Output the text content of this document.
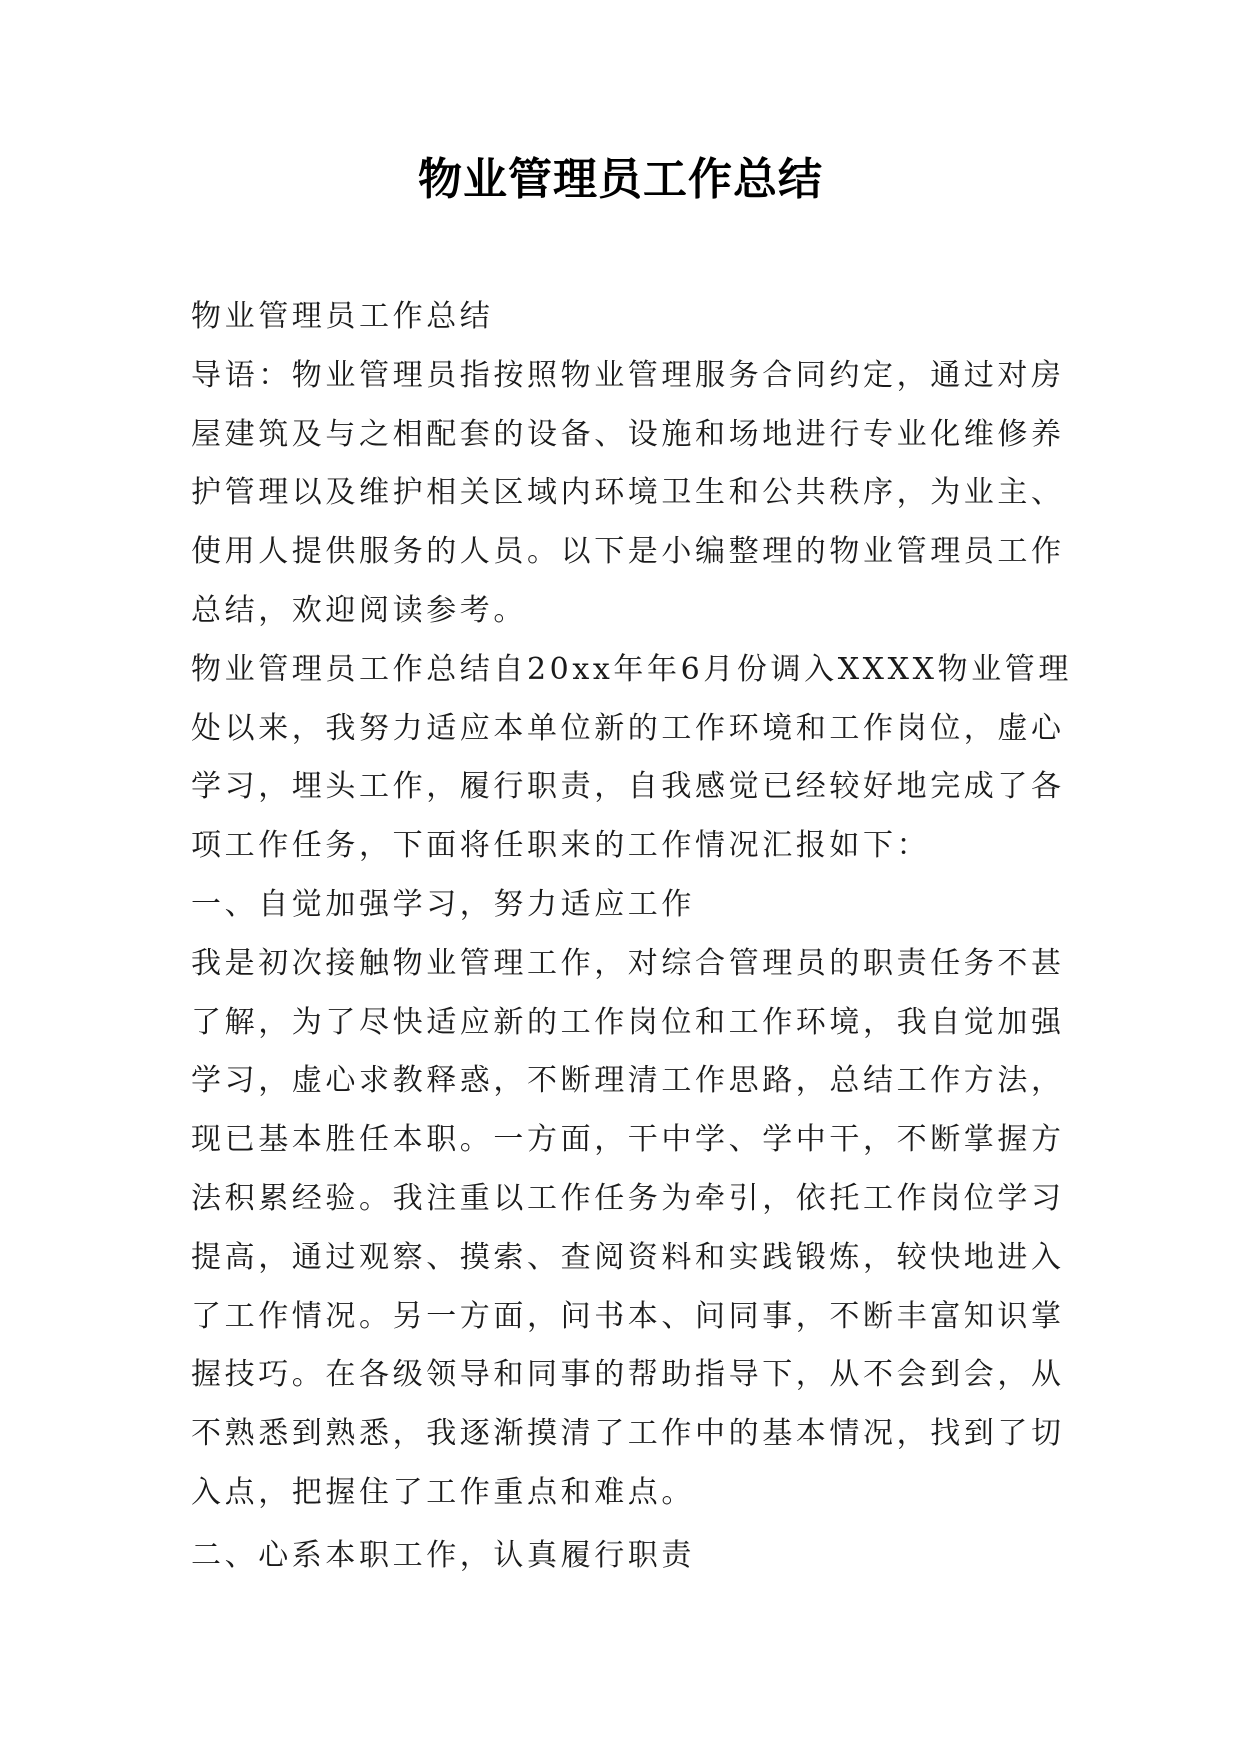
物业管理员工作总结
物业管理员工作总结
导语：物业管理员指按照物业管理服务合同约定，通过对房
屋建筑及与之相配套的设备、设施和场地进行专业化维修养
护管理以及维护相关区域内环境卫生和公共秩序，为业主、
使用人提供服务的人员。以下是小编整理的物业管理员工作
总结，欢迎阅读参考。
物业管理员工作总结自20xx年年6月份调入XXXX物业管理
处以来，我努力适应本单位新的工作环境和工作岗位，虚心
学习，埋头工作，履行职责，自我感觉已经较好地完成了各
项工作任务，下面将任职来的工作情况汇报如下：
一、自觉加强学习，努力适应工作
我是初次接触物业管理工作，对综合管理员的职责任务不甚
了解，为了尽快适应新的工作岗位和工作环境，我自觉加强
学习，虚心求教释惑，不断理清工作思路，总结工作方法，
现已基本胜任本职。一方面，干中学、学中干，不断掌握方
法积累经验。我注重以工作任务为牵引，依托工作岗位学习
提高，通过观察、摸索、查阅资料和实践锻炼，较快地进入
了工作情况。另一方面，问书本、问同事，不断丰富知识掌
握技巧。在各级领导和同事的帮助指导下，从不会到会，从
不熟悉到熟悉，我逐渐摸清了工作中的基本情况，找到了切
入点，把握住了工作重点和难点。
二、心系本职工作，认真履行职责
